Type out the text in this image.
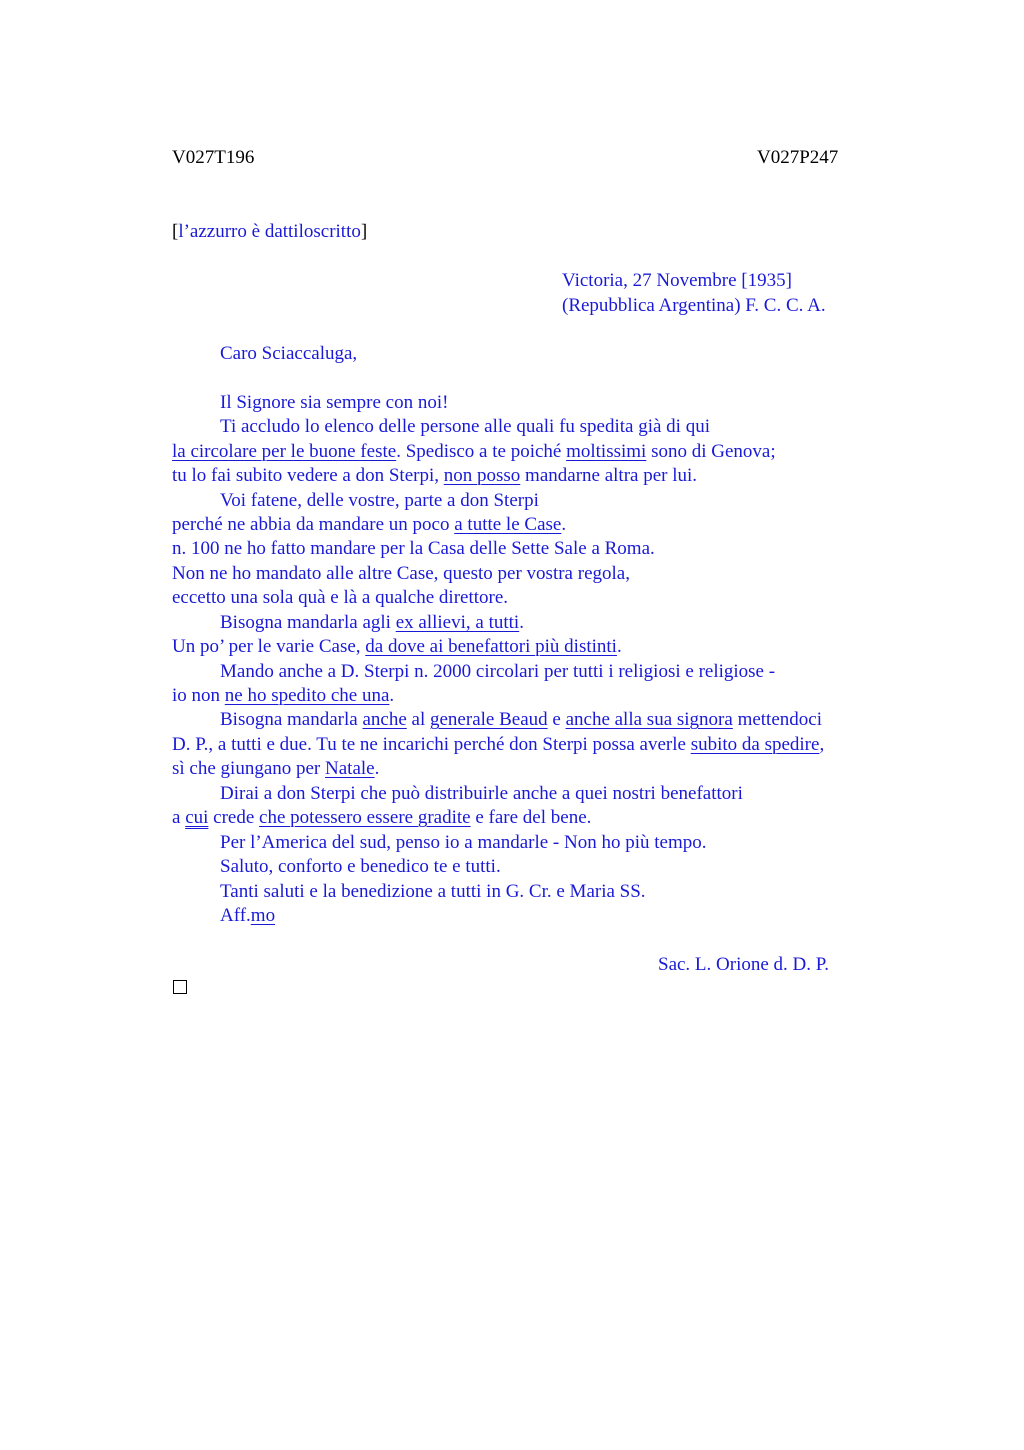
V027T196	V027P247
[l’azzurro è dattiloscritto]
Victoria, 27 Novembre [1935]
(Repubblica Argentina) F. C. C. A.
Caro Sciaccaluga,
Il Signore sia sempre con noi!
Ti accludo lo elenco delle persone alle quali fu spedita già di qui
la circolare per le buone feste. Spedisco a te poiché moltissimi sono di Genova;
tu lo fai subito vedere a don Sterpi, non posso mandarne altra per lui.
Voi fatene, delle vostre, parte a don Sterpi
perché ne abbia da mandare un poco a tutte le Case.
n. 100 ne ho fatto mandare per la Casa delle Sette Sale a Roma.
Non ne ho mandato alle altre Case, questo per vostra regola,
eccetto una sola quà e là a qualche direttore.
Bisogna mandarla agli ex allievi, a tutti.
Un po’ per le varie Case, da dove ai benefattori più distinti.
Mando anche a D. Sterpi n. 2000 circolari per tutti i religiosi e religiose -
io non ne ho spedito che una.
Bisogna mandarla anche al generale Beaud e anche alla sua signora mettendoci
D. P., a tutti e due. Tu te ne incarichi perché don Sterpi possa averle subito da spedire,
sì che giungano per Natale.
Dirai a don Sterpi che può distribuirle anche a quei nostri benefattori
a cui crede che potessero essere gradite e fare del bene.
Per l’America del sud, penso io a mandarle - Non ho più tempo.
Saluto, conforto e benedico te e tutti.
Tanti saluti e la benedizione a tutti in G. Cr. e Maria SS.
Aff.mo
Sac. L. Orione d. D. P.
